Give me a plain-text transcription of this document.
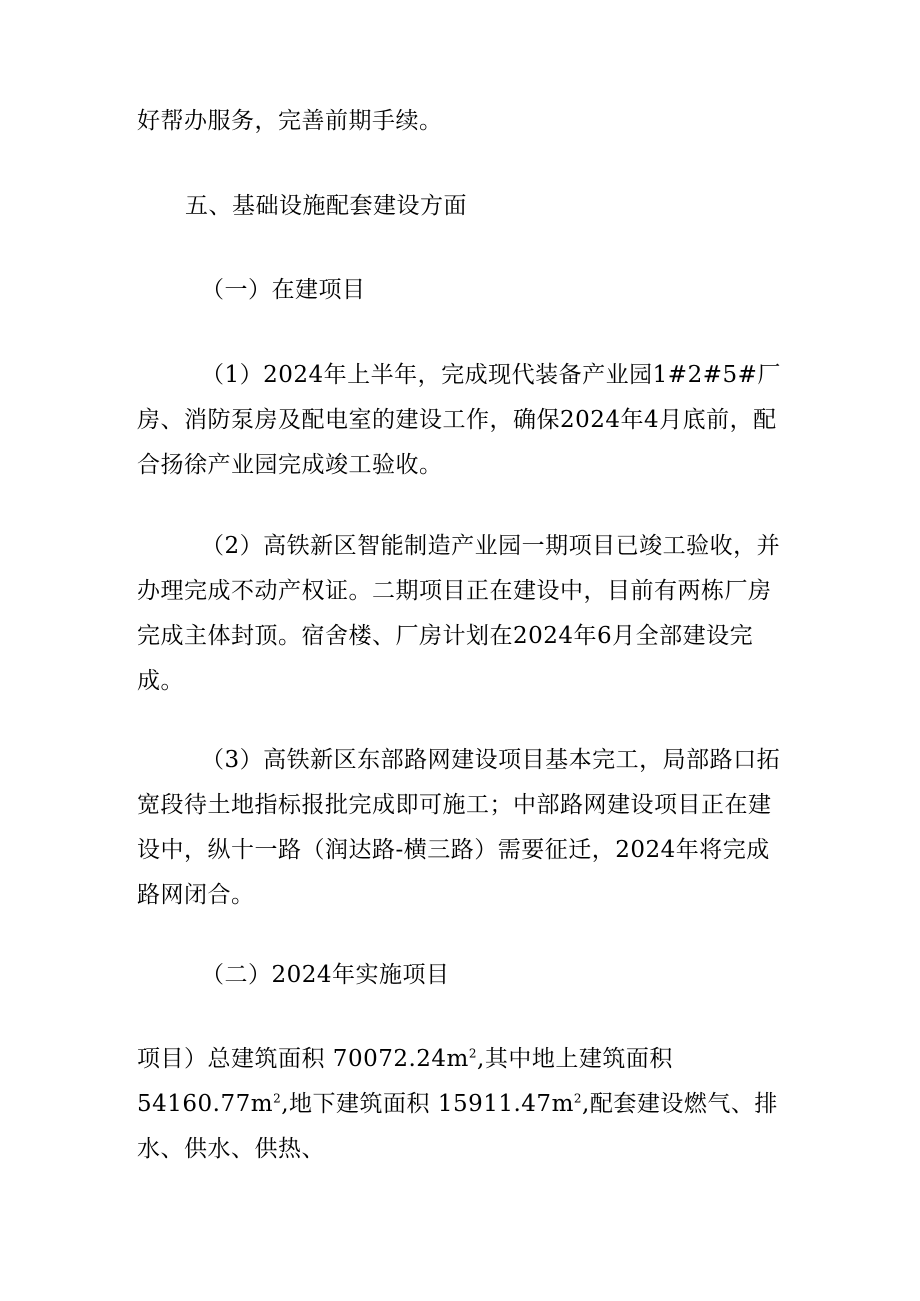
好帮办服务，完善前期手续。

五、基础设施配套建设方面

（一）在建项目

（1）2024年上半年，完成现代装备产业园1#2#5#厂房、消防泵房及配电室的建设工作，确保2024年4月底前，配合扬徐产业园完成竣工验收。

（2）高铁新区智能制造产业园一期项目已竣工验收，并办理完成不动产权证。二期项目正在建设中，目前有两栋厂房完成主体封顶。宿舍楼、厂房计划在2024年6月全部建设完成。

（3）高铁新区东部路网建设项目基本完工，局部路口拓宽段待土地指标报批完成即可施工；中部路网建设项目正在建设中，纵十一路（润达路-横三路）需要征迁，2024年将完成路网闭合。

（二）2024年实施项目

项目）总建筑面积 $70072.24m^2$,其中地上建筑面积 $54160.77m^2$,地下建筑面积 $15911.47m^2$,配套建设燃气、排水、供水、供热、
